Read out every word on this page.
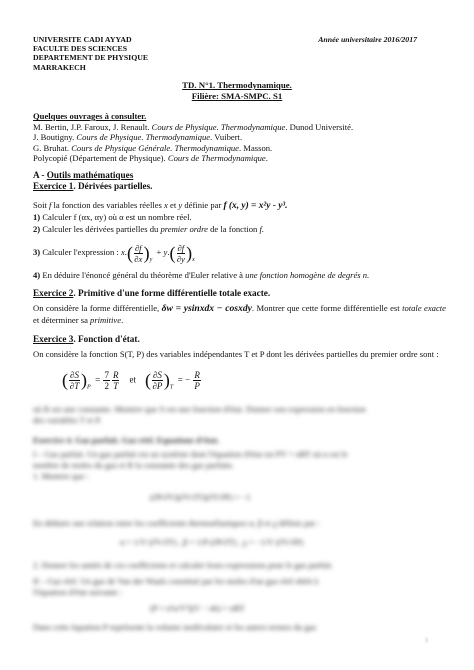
UNIVERSITE CADI AYYAD
FACULTE DES SCIENCES
DEPARTEMENT DE PHYSIQUE
MARRAKECH
Année universitaire 2016/2017
TD. N°1. Thermodynamique.
Filière: SMA-SMPC. S1
Quelques ouvrages à consulter.
M. Bertin, J.P. Faroux, J. Renault. Cours de Physique. Thermodynamique. Dunod Université.
J. Boutigny. Cours de Physique. Thermodynamique. Vuibert.
G. Bruhat. Cours de Physique Générale. Thermodynamique. Masson.
Polycopié (Département de Physique). Cours de Thermodynamique.
A - Outils mathématiques
Exercice 1. Dérivées partielles.
Soit f la fonction des variables réelles x et y définie par f (x, y) = x²y - y³.
1) Calculer f (αx, αy) où α est un nombre réel.
2) Calculer les dérivées partielles du premier ordre de la fonction f.
3) Calculer l'expression : $x.( \frac{\partial f}{\partial x} )_y + y.( \frac{\partial f}{\partial y} )_x$
4) En déduire l'énoncé général du théorème d'Euler relative à une fonction homogène de degrés n.
Exercice 2. Primitive d'une forme différentielle totale exacte.
On considère la forme différentielle, δw = ysinxdx − cosxdy. Montrer que cette forme différentielle est totale exacte et déterminer sa primitive.
Exercice 3. Fonction d'état.
On considère la fonction S(T, P) des variables indépendantes T et P dont les dérivées partielles du premier ordre sont :
( $\frac{\partial S}{\partial T} )_P = \frac{7}{2} \frac{R}{T}$ et ( $\frac{\partial S}{\partial P} )_T$  = − $\frac{R}{P}$
où R est une constante. Montrer que S est une fonction d'état. Donner son expression en fonction
des variables T et P.
Exercice 4. Gaz parfait. Gaz réel. Equations d'état.
I – Gaz parfait. Un gaz parfait est un système dont l'équation d'état est PV = nRT où n est le
nombre de moles du gaz et R la constante des gaz parfaits.
1. Montrer que :
(∂P/∂V)(∂V/∂T)(∂T/∂P) = −1
En déduire une relation entre les coefficients thermoélastiques α, β et χ définis par :
α = 1/V (∂V/∂T) , β = 1/P (∂P/∂T) , χ = −1/V (∂V/∂P)
2. Donner les unités de ces coefficients et calculer leurs expressions pour le gaz parfait.
II – Gaz réel. Un gaz de Van der Waals constitué par les moles d'un gaz réel obéit à
l'équation d'état suivante :
(P + n²a/V²)(V − nb) = nRT
Dans cette équation P représente la volume moléculaire et les autres termes du gaz
1
